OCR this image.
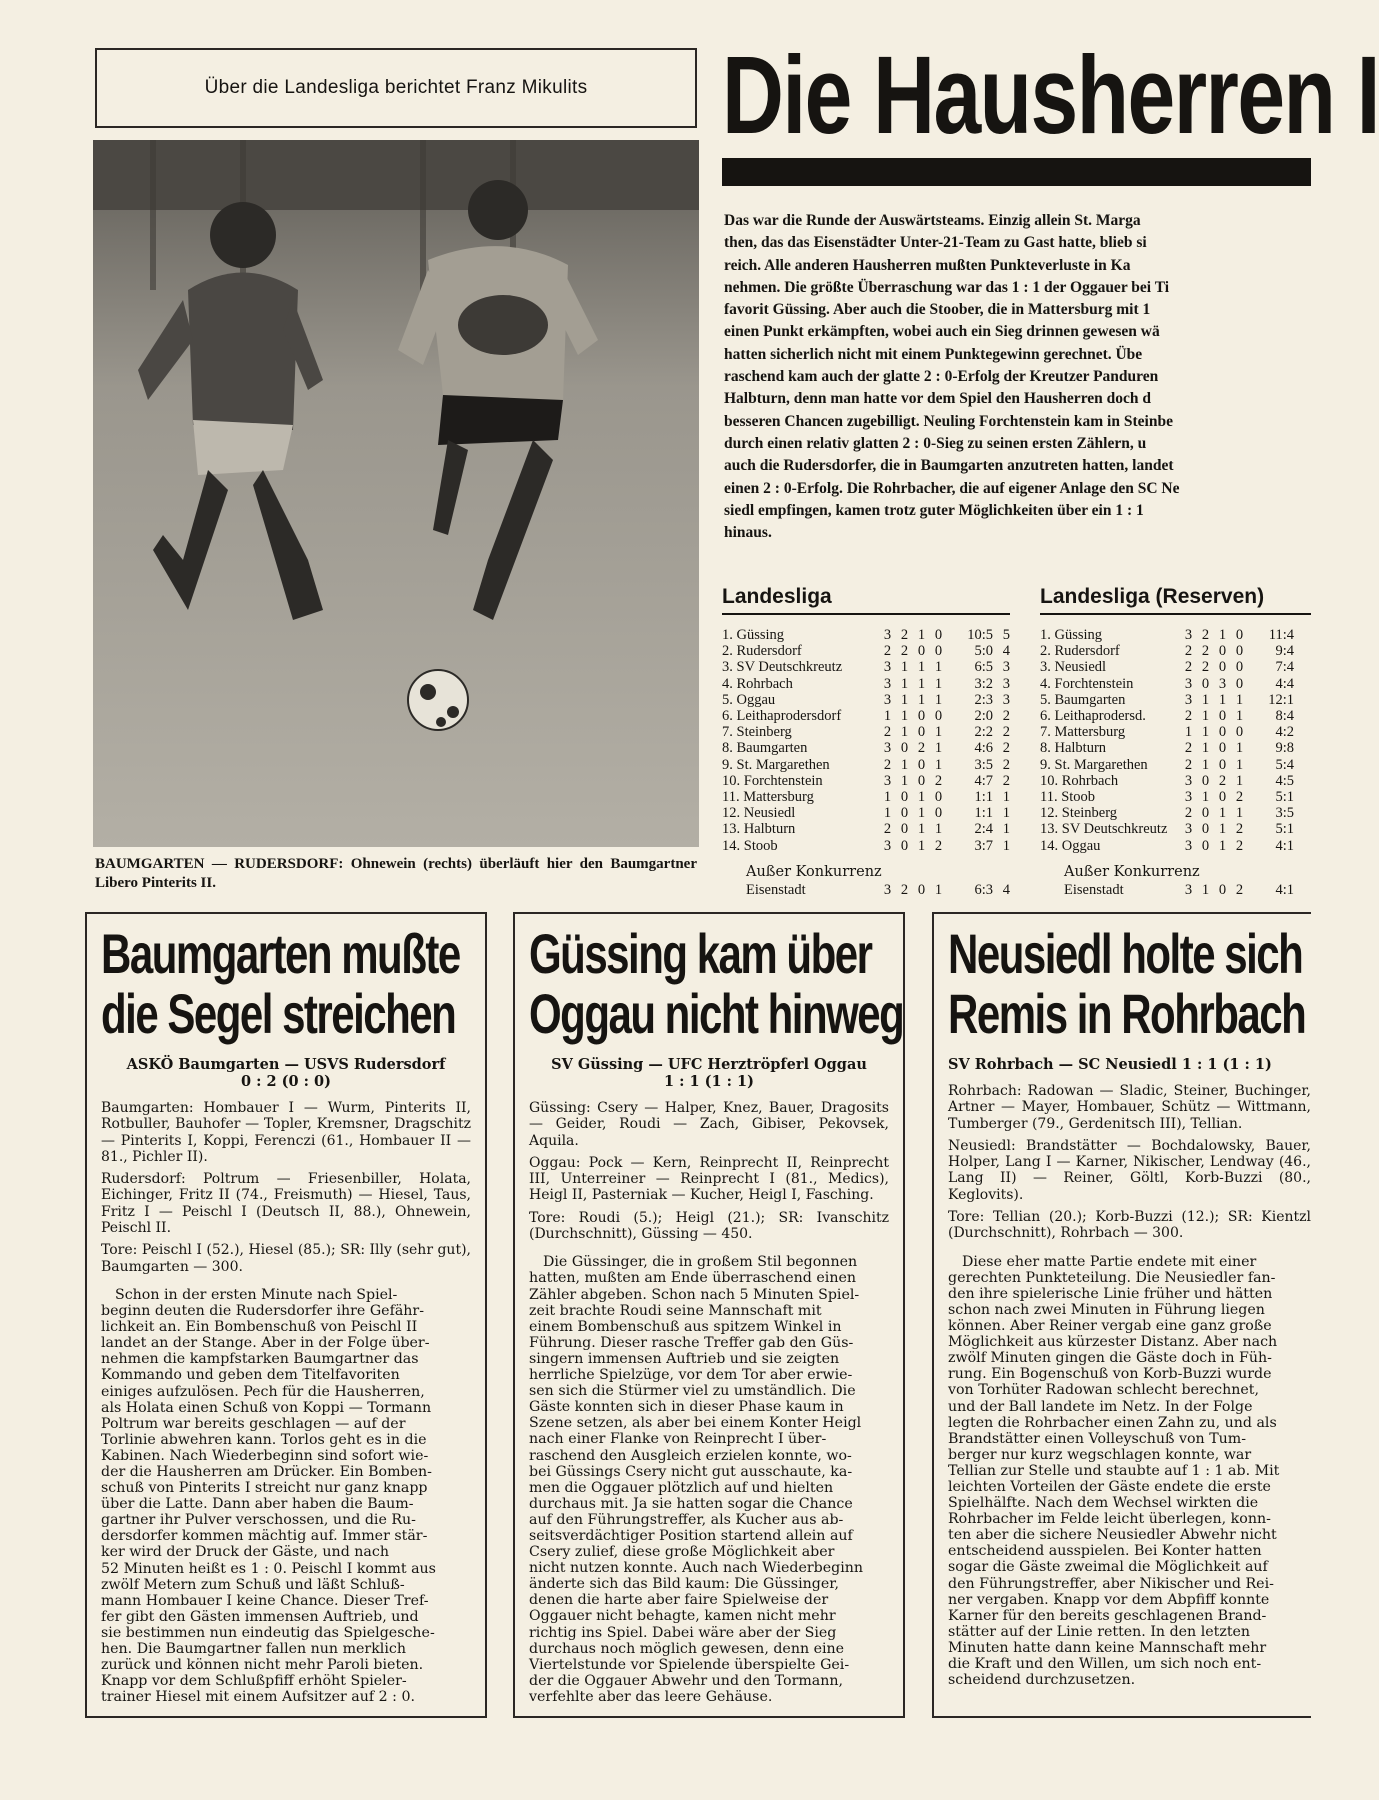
Über die Landesliga berichtet Franz Mikulits
BAUMGARTEN — RUDERSDORF: Ohnewein (rechts) überläuft hier den Baumgartner Libero Pinterits II.
Die Hausherren I
Das war die Runde der Auswärtsteams. Einzig allein St. Marga
then, das das Eisenstädter Unter-21-Team zu Gast hatte, blieb si
reich. Alle anderen Hausherren mußten Punkteverluste in Ka
nehmen. Die größte Überraschung war das 1 : 1 der Oggauer bei Ti
favorit Güssing. Aber auch die Stoober, die in Mattersburg mit 1
einen Punkt erkämpften, wobei auch ein Sieg drinnen gewesen wä
hatten sicherlich nicht mit einem Punktegewinn gerechnet. Übe
raschend kam auch der glatte 2 : 0-Erfolg der Kreutzer Panduren
Halbturn, denn man hatte vor dem Spiel den Hausherren doch d
besseren Chancen zugebilligt. Neuling Forchtenstein kam in Steinbe
durch einen relativ glatten 2 : 0-Sieg zu seinen ersten Zählern, u
auch die Rudersdorfer, die in Baumgarten anzutreten hatten, landet
einen 2 : 0-Erfolg. Die Rohrbacher, die auf eigener Anlage den SC Ne
siedl empfingen, kamen trotz guter Möglichkeiten über ein 1 : 1
hinaus.
Landesliga
1. Güssing	3 2 1 0	10:5 5
2. Rudersdorf	2 2 0 0	5:0 4
3. SV Deutschkreutz	3 1 1 1	6:5 3
4. Rohrbach	3 1 1 1	3:2 3
5. Oggau	3 1 1 1	2:3 3
6. Leithaprodersdorf	1 1 0 0	2:0 2
7. Steinberg	2 1 0 1	2:2 2
8. Baumgarten	3 0 2 1	4:6 2
9. St. Margarethen	2 1 0 1	3:5 2
10. Forchtenstein	3 1 0 2	4:7 2
11. Mattersburg	1 0 1 0	1:1 1
12. Neusiedl	1 0 1 0	1:1 1
13. Halbturn	2 0 1 1	2:4 1
14. Stoob	3 0 1 2	3:7 1
Außer Konkurrenz
Eisenstadt	3 2 0 1	6:3 4
Landesliga (Reserven)
1. Güssing	3 2 1 0	11:4
2. Rudersdorf	2 2 0 0	9:4
3. Neusiedl	2 2 0 0	7:4
4. Forchtenstein	3 0 3 0	4:4
5. Baumgarten	3 1 1 1	12:1
6. Leithaprodersd.	2 1 0 1	8:4
7. Mattersburg	1 1 0 0	4:2
8. Halbturn	2 1 0 1	9:8
9. St. Margarethen	2 1 0 1	5:4
10. Rohrbach	3 0 2 1	4:5
11. Stoob	3 1 0 2	5:1
12. Steinberg	2 0 1 1	3:5
13. SV Deutschkreutz	3 0 1 2	5:1
14. Oggau	3 0 1 2	4:1
Außer Konkurrenz
Eisenstadt	3 1 0 2	4:1
Baumgarten mußte
die Segel streichen
ASKÖ Baumgarten — USVS Rudersdorf
0 : 2 (0 : 0)

Baumgarten: Hombauer I — Wurm, Pinterits II, Rotbuller, Bauhofer — Topler, Kremsner, Dragschitz — Pinterits I, Koppi, Ferenczi (61., Hombauer II — 81., Pichler II).

Rudersdorf: Poltrum — Friesenbiller, Holata, Eichinger, Fritz II (74., Freismuth) — Hiesel, Taus, Fritz I — Peischl I (Deutsch II, 88.), Ohnewein, Peischl II.

Tore: Peischl I (52.), Hiesel (85.); SR: Illy (sehr gut), Baumgarten — 300.

Schon in der ersten Minute nach Spiel-
beginn deuten die Rudersdorfer ihre Gefähr-
lichkeit an. Ein Bombenschuß von Peischl II
landet an der Stange. Aber in der Folge über-
nehmen die kampfstarken Baumgartner das
Kommando und geben dem Titelfavoriten
einiges aufzulösen. Pech für die Hausherren,
als Holata einen Schuß von Koppi — Tormann
Poltrum war bereits geschlagen — auf der
Torlinie abwehren kann. Torlos geht es in die
Kabinen. Nach Wiederbeginn sind sofort wie-
der die Hausherren am Drücker. Ein Bomben-
schuß von Pinterits I streicht nur ganz knapp
über die Latte. Dann aber haben die Baum-
gartner ihr Pulver verschossen, und die Ru-
dersdorfer kommen mächtig auf. Immer stär-
ker wird der Druck der Gäste, und nach
52 Minuten heißt es 1 : 0. Peischl I kommt aus
zwölf Metern zum Schuß und läßt Schluß-
mann Hombauer I keine Chance. Dieser Tref-
fer gibt den Gästen immensen Auftrieb, und
sie bestimmen nun eindeutig das Spielgesche-
hen. Die Baumgartner fallen nun merklich
zurück und können nicht mehr Paroli bieten.
Knapp vor dem Schlußpfiff erhöht Spieler-
trainer Hiesel mit einem Aufsitzer auf 2 : 0.
Güssing kam über
Oggau nicht hinweg
SV Güssing — UFC Herztröpferl Oggau
1 : 1 (1 : 1)

Güssing: Csery — Halper, Knez, Bauer, Dragosits — Geider, Roudi — Zach, Gibiser, Pekovsek, Aquila.

Oggau: Pock — Kern, Reinprecht II, Reinprecht III, Unterreiner — Reinprecht I (81., Medics), Heigl II, Pasterniak — Kucher, Heigl I, Fasching.

Tore: Roudi (5.); Heigl (21.); SR: Ivanschitz (Durchschnitt), Güssing — 450.

Die Güssinger, die in großem Stil begonnen
hatten, mußten am Ende überraschend einen
Zähler abgeben. Schon nach 5 Minuten Spiel-
zeit brachte Roudi seine Mannschaft mit
einem Bombenschuß aus spitzem Winkel in
Führung. Dieser rasche Treffer gab den Güs-
singern immensen Auftrieb und sie zeigten
herrliche Spielzüge, vor dem Tor aber erwie-
sen sich die Stürmer viel zu umständlich. Die
Gäste konnten sich in dieser Phase kaum in
Szene setzen, als aber bei einem Konter Heigl
nach einer Flanke von Reinprecht I über-
raschend den Ausgleich erzielen konnte, wo-
bei Güssings Csery nicht gut ausschaute, ka-
men die Oggauer plötzlich auf und hielten
durchaus mit. Ja sie hatten sogar die Chance
auf den Führungstreffer, als Kucher aus ab-
seitsverdächtiger Position startend allein auf
Csery zulief, diese große Möglichkeit aber
nicht nutzen konnte. Auch nach Wiederbeginn
änderte sich das Bild kaum: Die Güssinger,
denen die harte aber faire Spielweise der
Oggauer nicht behagte, kamen nicht mehr
richtig ins Spiel. Dabei wäre aber der Sieg
durchaus noch möglich gewesen, denn eine
Viertelstunde vor Spielende überspielte Gei-
der die Oggauer Abwehr und den Tormann,
verfehlte aber das leere Gehäuse.
Neusiedl holte sich
Remis in Rohrbach
SV Rohrbach — SC Neusiedl 1 : 1 (1 : 1)

Rohrbach: Radowan — Sladic, Steiner, Buchinger, Artner — Mayer, Hombauer, Schütz — Wittmann, Tumberger (79., Gerdenitsch III), Tellian.

Neusiedl: Brandstätter — Bochdalowsky, Bauer, Holper, Lang I — Karner, Nikischer, Lendway (46., Lang II) — Reiner, Göltl, Korb-Buzzi (80., Keglovits).

Tore: Tellian (20.); Korb-Buzzi (12.); SR: Kientzl (Durchschnitt), Rohrbach — 300.

Diese eher matte Partie endete mit einer
gerechten Punkteteilung. Die Neusiedler fan-
den ihre spielerische Linie früher und hätten
schon nach zwei Minuten in Führung liegen
können. Aber Reiner vergab eine ganz große
Möglichkeit aus kürzester Distanz. Aber nach
zwölf Minuten gingen die Gäste doch in Füh-
rung. Ein Bogenschuß von Korb-Buzzi wurde
von Torhüter Radowan schlecht berechnet,
und der Ball landete im Netz. In der Folge
legten die Rohrbacher einen Zahn zu, und als
Brandstätter einen Volleyschuß von Tum-
berger nur kurz wegschlagen konnte, war
Tellian zur Stelle und staubte auf 1 : 1 ab. Mit
leichten Vorteilen der Gäste endete die erste
Spielhälfte. Nach dem Wechsel wirkten die
Rohrbacher im Felde leicht überlegen, konn-
ten aber die sichere Neusiedler Abwehr nicht
entscheidend ausspielen. Bei Konter hatten
sogar die Gäste zweimal die Möglichkeit auf
den Führungstreffer, aber Nikischer und Rei-
ner vergaben. Knapp vor dem Abpfiff konnte
Karner für den bereits geschlagenen Brand-
stätter auf der Linie retten. In den letzten
Minuten hatte dann keine Mannschaft mehr
die Kraft und den Willen, um sich noch ent-
scheidend durchzusetzen.
